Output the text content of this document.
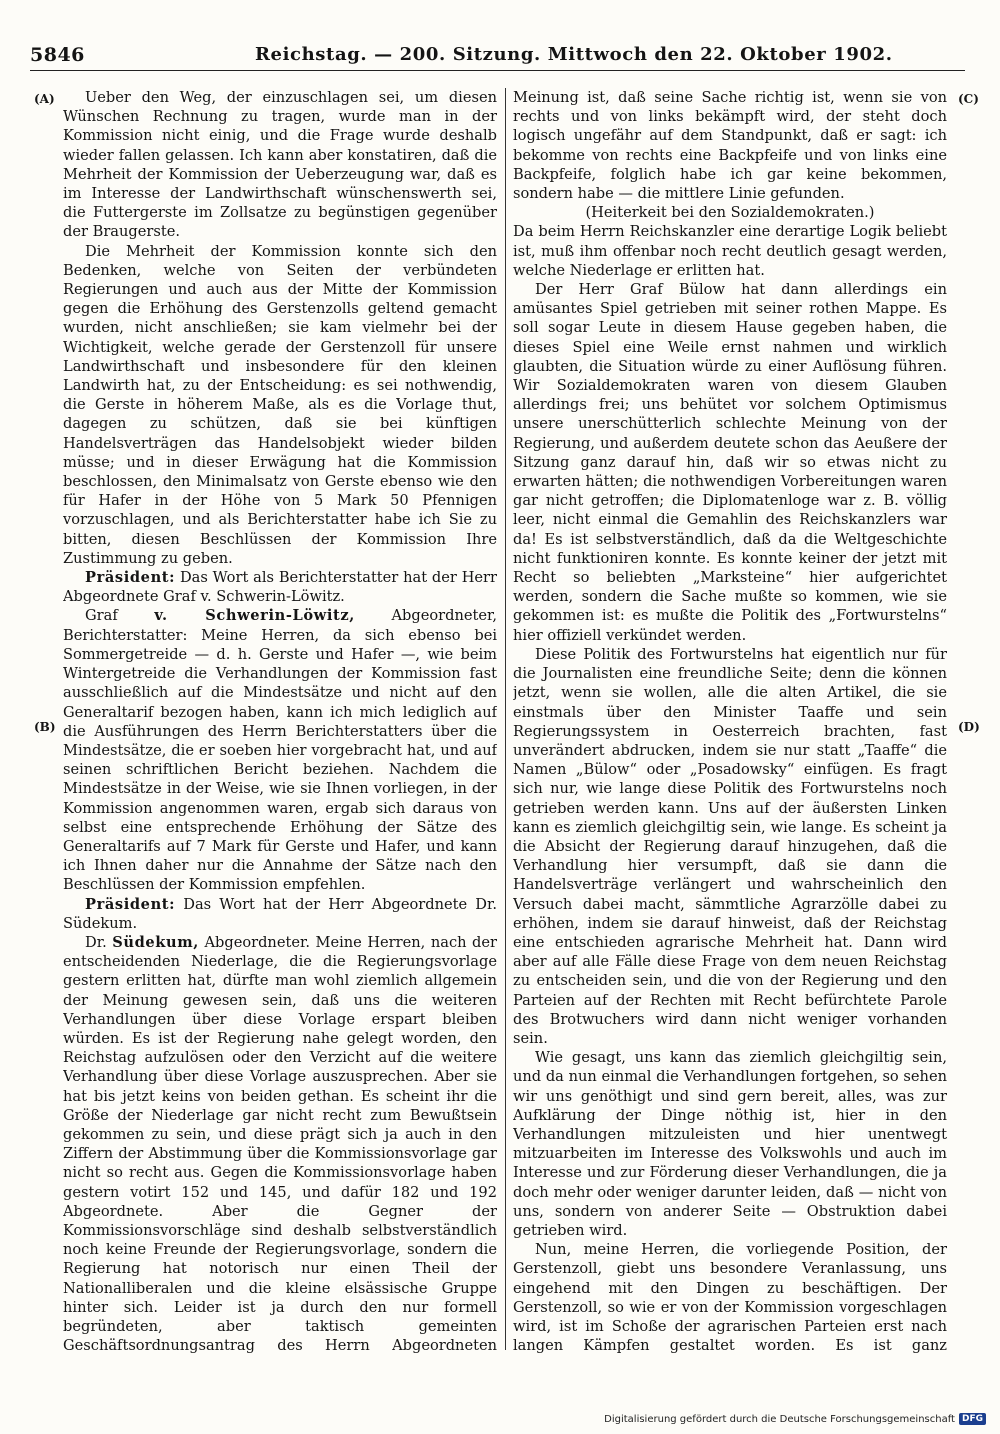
5846	Reichstag. — 200. Sitzung. Mittwoch den 22. Oktober 1902.
(A)
(B)
(C)
(D)

Ueber den Weg, der einzuschlagen sei, um diesen Wünschen Rechnung zu tragen, wurde man in der Kommission nicht einig, und die Frage wurde deshalb wieder fallen gelassen. Ich kann aber konstatiren, daß die Mehrheit der Kommission der Ueberzeugung war, daß es im Interesse der Landwirthschaft wünschenswerth sei, die Futtergerste im Zollsatze zu begünstigen gegenüber der Braugerste.

Die Mehrheit der Kommission konnte sich den Bedenken, welche von Seiten der verbündeten Regierungen und auch aus der Mitte der Kommission gegen die Erhöhung des Gerstenzolls geltend gemacht wurden, nicht anschließen; sie kam vielmehr bei der Wichtigkeit, welche gerade der Gerstenzoll für unsere Landwirthschaft und insbesondere für den kleinen Landwirth hat, zu der Entscheidung: es sei nothwendig, die Gerste in höherem Maße, als es die Vorlage thut, dagegen zu schützen, daß sie bei künftigen Handelsverträgen das Handelsobjekt wieder bilden müsse; und in dieser Erwägung hat die Kommission beschlossen, den Minimalsatz von Gerste ebenso wie den für Hafer in der Höhe von 5 Mark 50 Pfennigen vorzuschlagen, und als Berichterstatter habe ich Sie zu bitten, diesen Beschlüssen der Kommission Ihre Zustimmung zu geben.

Präsident: Das Wort als Berichterstatter hat der Herr Abgeordnete Graf v. Schwerin-Löwitz.

Graf	v. Schwerin-Löwitz,	Abgeordneter, Berichterstatter: Meine Herren, da sich ebenso bei Sommergetreide — d. h. Gerste und Hafer —, wie beim Wintergetreide die Verhandlungen der Kommission fast ausschließlich auf die Mindestsätze und nicht auf den Generaltarif bezogen haben, kann ich mich lediglich auf die Ausführungen des Herrn Berichterstatters über die Mindestsätze, die er soeben hier vorgebracht hat, und auf seinen schriftlichen Bericht beziehen. Nachdem die Mindestsätze in der Weise, wie sie Ihnen vorliegen, in der Kommission angenommen waren, ergab sich daraus von selbst eine entsprechende Erhöhung der Sätze des Generaltarifs auf 7 Mark für Gerste und Hafer, und kann ich Ihnen daher nur die Annahme der Sätze nach den Beschlüssen der Kommission empfehlen.

Präsident: Das Wort hat der Herr Abgeordnete Dr. Südekum.

Dr. Südekum, Abgeordneter. Meine Herren, nach der entscheidenden Niederlage, die die Regierungsvorlage gestern erlitten hat, dürfte man wohl ziemlich allgemein der Meinung gewesen sein, daß uns die weiteren Verhandlungen über diese Vorlage erspart bleiben würden. Es ist der Regierung nahe gelegt worden, den Reichstag aufzulösen oder den Verzicht auf die weitere Verhandlung über diese Vorlage auszusprechen. Aber sie hat bis jetzt keins von beiden gethan. Es scheint ihr die Größe der Niederlage gar nicht recht zum Bewußtsein gekommen zu sein, und diese prägt sich ja auch in den Ziffern der Abstimmung über die Kommissionsvorlage gar nicht so recht aus. Gegen die Kommissionsvorlage haben gestern votirt 152 und 145, und dafür 182 und 192 Abgeordnete. Aber die Gegner der Kommissionsvorschläge sind deshalb selbstverständlich noch keine Freunde der Regierungsvorlage, sondern die Regierung hat notorisch nur einen Theil der Nationalliberalen und die kleine elsässische Gruppe hinter sich. Leider ist ja durch den nur formell begründeten, aber taktisch gemeinten Geschäftsordnungsantrag des Herrn Abgeordneten

Meinung ist, daß seine Sache richtig ist, wenn sie von rechts und von links bekämpft wird, der steht doch logisch ungefähr auf dem Standpunkt, daß er sagt: ich bekomme von rechts eine Backpfeife und von links eine Backpfeife, folglich habe ich gar keine bekommen, sondern habe — die mittlere Linie gefunden.

(Heiterkeit bei den Sozialdemokraten.)

Da beim Herrn Reichskanzler eine derartige Logik beliebt ist, muß ihm offenbar noch recht deutlich gesagt werden, welche Niederlage er erlitten hat.

Der Herr Graf Bülow hat dann allerdings ein amüsantes Spiel getrieben mit seiner rothen Mappe. Es soll sogar Leute in diesem Hause gegeben haben, die dieses Spiel eine Weile ernst nahmen und wirklich glaubten, die Situation würde zu einer Auflösung führen. Wir Sozialdemokraten waren von diesem Glauben allerdings frei; uns behütet vor solchem Optimismus unsere unerschütterlich schlechte Meinung von der Regierung, und außerdem deutete schon das Aeußere der Sitzung ganz darauf hin, daß wir so etwas nicht zu erwarten hätten; die nothwendigen Vorbereitungen waren gar nicht getroffen; die Diplomatenloge war z. B. völlig leer, nicht einmal die Gemahlin des Reichskanzlers war da! Es ist selbstverständlich, daß da die Weltgeschichte nicht funktioniren konnte. Es konnte keiner der jetzt mit Recht so beliebten „Marksteine“ hier aufgerichtet werden, sondern die Sache mußte so kommen, wie sie gekommen ist: es mußte die Politik des „Fortwurstelns“ hier offiziell verkündet werden.

Diese Politik des Fortwurstelns hat eigentlich nur für die Journalisten eine freundliche Seite; denn die können jetzt, wenn sie wollen, alle die alten Artikel, die sie einstmals über den Minister Taaffe und sein Regierungssystem in Oesterreich brachten, fast unverändert abdrucken, indem sie nur statt „Taaffe“ die Namen „Bülow“ oder „Posadowsky“ einfügen. Es fragt sich nur, wie lange diese Politik des Fortwurstelns noch getrieben werden kann. Uns auf der äußersten Linken kann es ziemlich gleichgiltig sein, wie lange. Es scheint ja die Absicht der Regierung darauf hinzugehen, daß die Verhandlung hier versumpft, daß sie dann die Handelsverträge verlängert und wahrscheinlich den Versuch dabei macht, sämmtliche Agrarzölle dabei zu erhöhen, indem sie darauf hinweist, daß der Reichstag eine entschieden agrarische Mehrheit hat. Dann wird aber auf alle Fälle diese Frage von dem neuen Reichstag zu entscheiden sein, und die von der Regierung und den Parteien auf der Rechten mit Recht befürchtete Parole des Brotwuchers wird dann nicht weniger vorhanden sein.

Wie gesagt, uns kann das ziemlich gleichgiltig sein, und da nun einmal die Verhandlungen fortgehen, so sehen wir uns genöthigt und sind gern bereit, alles, was zur Aufklärung der Dinge nöthig ist, hier in den Verhandlungen mitzuleisten und hier unentwegt mitzuarbeiten im Interesse des Volkswohls und auch im Interesse und zur Förderung dieser Verhandlungen, die ja doch mehr oder weniger darunter leiden, daß — nicht von uns, sondern von anderer Seite — Obstruktion dabei getrieben wird.

Nun, meine Herren, die vorliegende Position, der Gerstenzoll, giebt uns besondere Veranlassung, uns eingehend mit den Dingen zu beschäftigen. Der Gerstenzoll, so wie er von der Kommission vorgeschlagen wird, ist im Schoße der agrarischen Parteien erst nach langen Kämpfen gestaltet worden. Es ist ganz

Digitalisierung gefördert durch die Deutsche Forschungsgemeinschaft DFG
